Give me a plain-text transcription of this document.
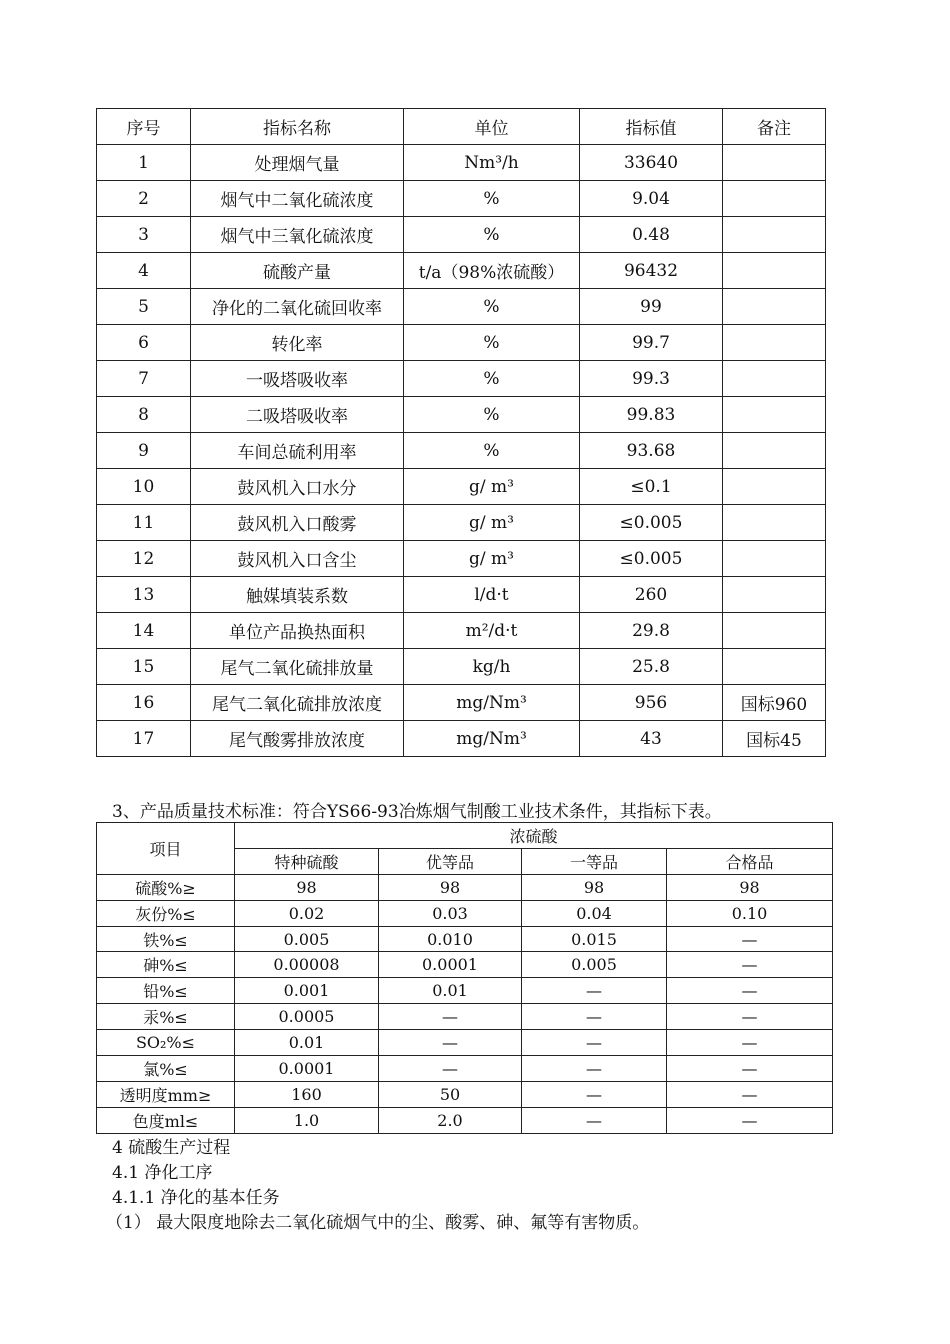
序号	指标名称	单位	指标值	备注
1	处理烟气量	Nm³/h	33640	
2	烟气中二氧化硫浓度	%	9.04	
3	烟气中三氧化硫浓度	%	0.48	
4	硫酸产量	t/a（98%浓硫酸）	96432	
5	净化的二氧化硫回收率	%	99	
6	转化率	%	99.7	
7	一吸塔吸收率	%	99.3	
8	二吸塔吸收率	%	99.83	
9	车间总硫利用率	%	93.68	
10	鼓风机入口水分	g/ m³	≤0.1	
11	鼓风机入口酸雾	g/ m³	≤0.005	
12	鼓风机入口含尘	g/ m³	≤0.005	
13	触媒填装系数	l/d·t	260	
14	单位产品换热面积	m²/d·t	29.8	
15	尾气二氧化硫排放量	kg/h	25.8	
16	尾气二氧化硫排放浓度	mg/Nm³	956	国标960
17	尾气酸雾排放浓度	mg/Nm³	43	国标45

3、产品质量技术标准：符合YS66-93冶炼烟气制酸工业技术条件，其指标下表。

项目	浓硫酸			
	特种硫酸	优等品	一等品	合格品
硫酸%≥	98	98	98	98
灰份%≤	0.02	0.03	0.04	0.10
铁%≤	0.005	0.010	0.015	—
砷%≤	0.00008	0.0001	0.005	—
铅%≤	0.001	0.01	—	—
汞%≤	0.0005	—	—	—
SO₂%≤	0.01	—	—	—
氯%≤	0.0001	—	—	—
透明度mm≥	160	50	—	—
色度ml≤	1.0	2.0	—	—

4 硫酸生产过程

4.1 净化工序

4.1.1 净化的基本任务

（1） 最大限度地除去二氧化硫烟气中的尘、酸雾、砷、氟等有害物质。
